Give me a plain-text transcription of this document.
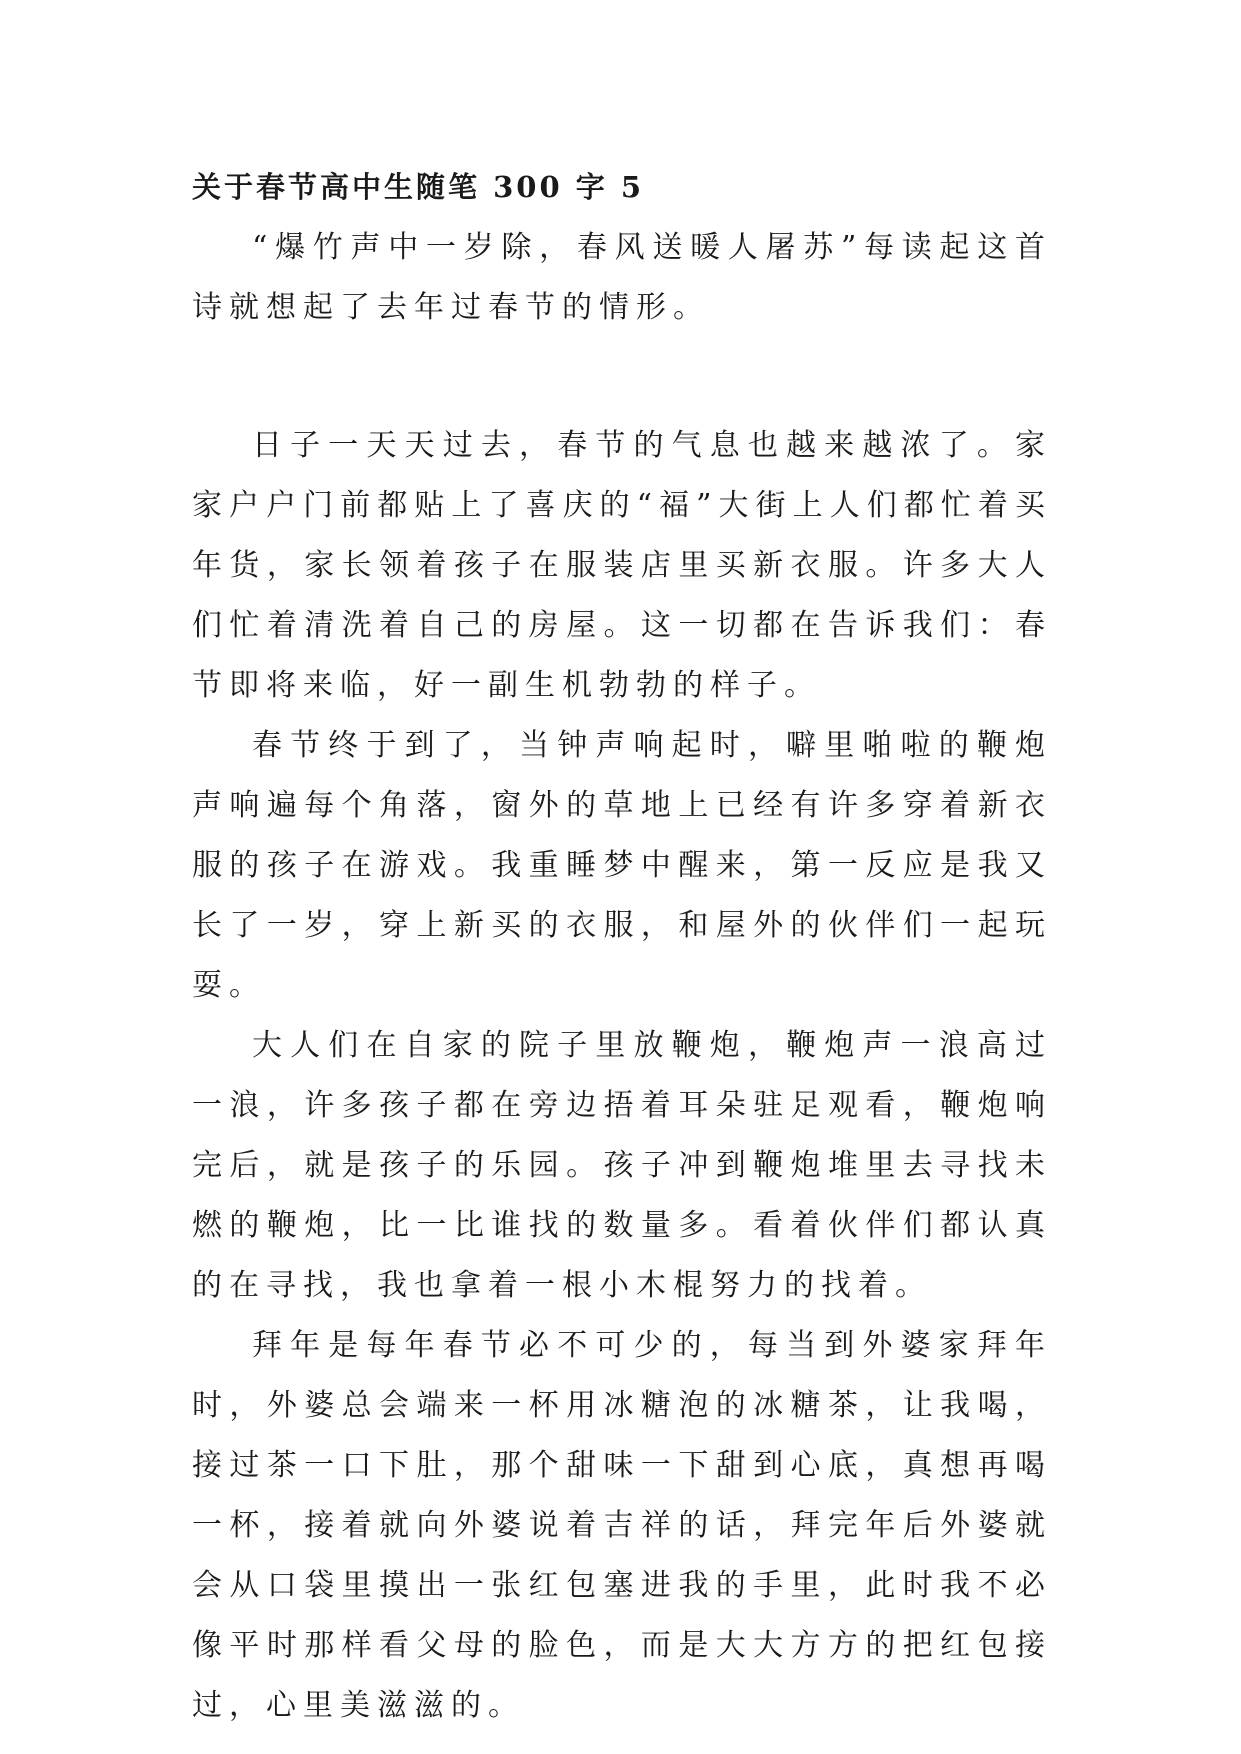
关于春节高中生随笔 300 字 5

“爆竹声中一岁除，春风送暖人屠苏”每读起这首诗就想起了去年过春节的情形。

日子一天天过去，春节的气息也越来越浓了。家家户户门前都贴上了喜庆的“福”大街上人们都忙着买年货，家长领着孩子在服装店里买新衣服。许多大人们忙着清洗着自己的房屋。这一切都在告诉我们：春节即将来临，好一副生机勃勃的样子。

春节终于到了，当钟声响起时，噼里啪啦的鞭炮声响遍每个角落，窗外的草地上已经有许多穿着新衣服的孩子在游戏。我重睡梦中醒来，第一反应是我又长了一岁，穿上新买的衣服，和屋外的伙伴们一起玩耍。

大人们在自家的院子里放鞭炮，鞭炮声一浪高过一浪，许多孩子都在旁边捂着耳朵驻足观看，鞭炮响完后，就是孩子的乐园。孩子冲到鞭炮堆里去寻找未燃的鞭炮，比一比谁找的数量多。看着伙伴们都认真的在寻找，我也拿着一根小木棍努力的找着。

拜年是每年春节必不可少的，每当到外婆家拜年时，外婆总会端来一杯用冰糖泡的冰糖茶，让我喝，接过茶一口下肚，那个甜味一下甜到心底，真想再喝一杯，接着就向外婆说着吉祥的话，拜完年后外婆就会从口袋里摸出一张红包塞进我的手里，此时我不必像平时那样看父母的脸色，而是大大方方的把红包接过，心里美滋滋的。
